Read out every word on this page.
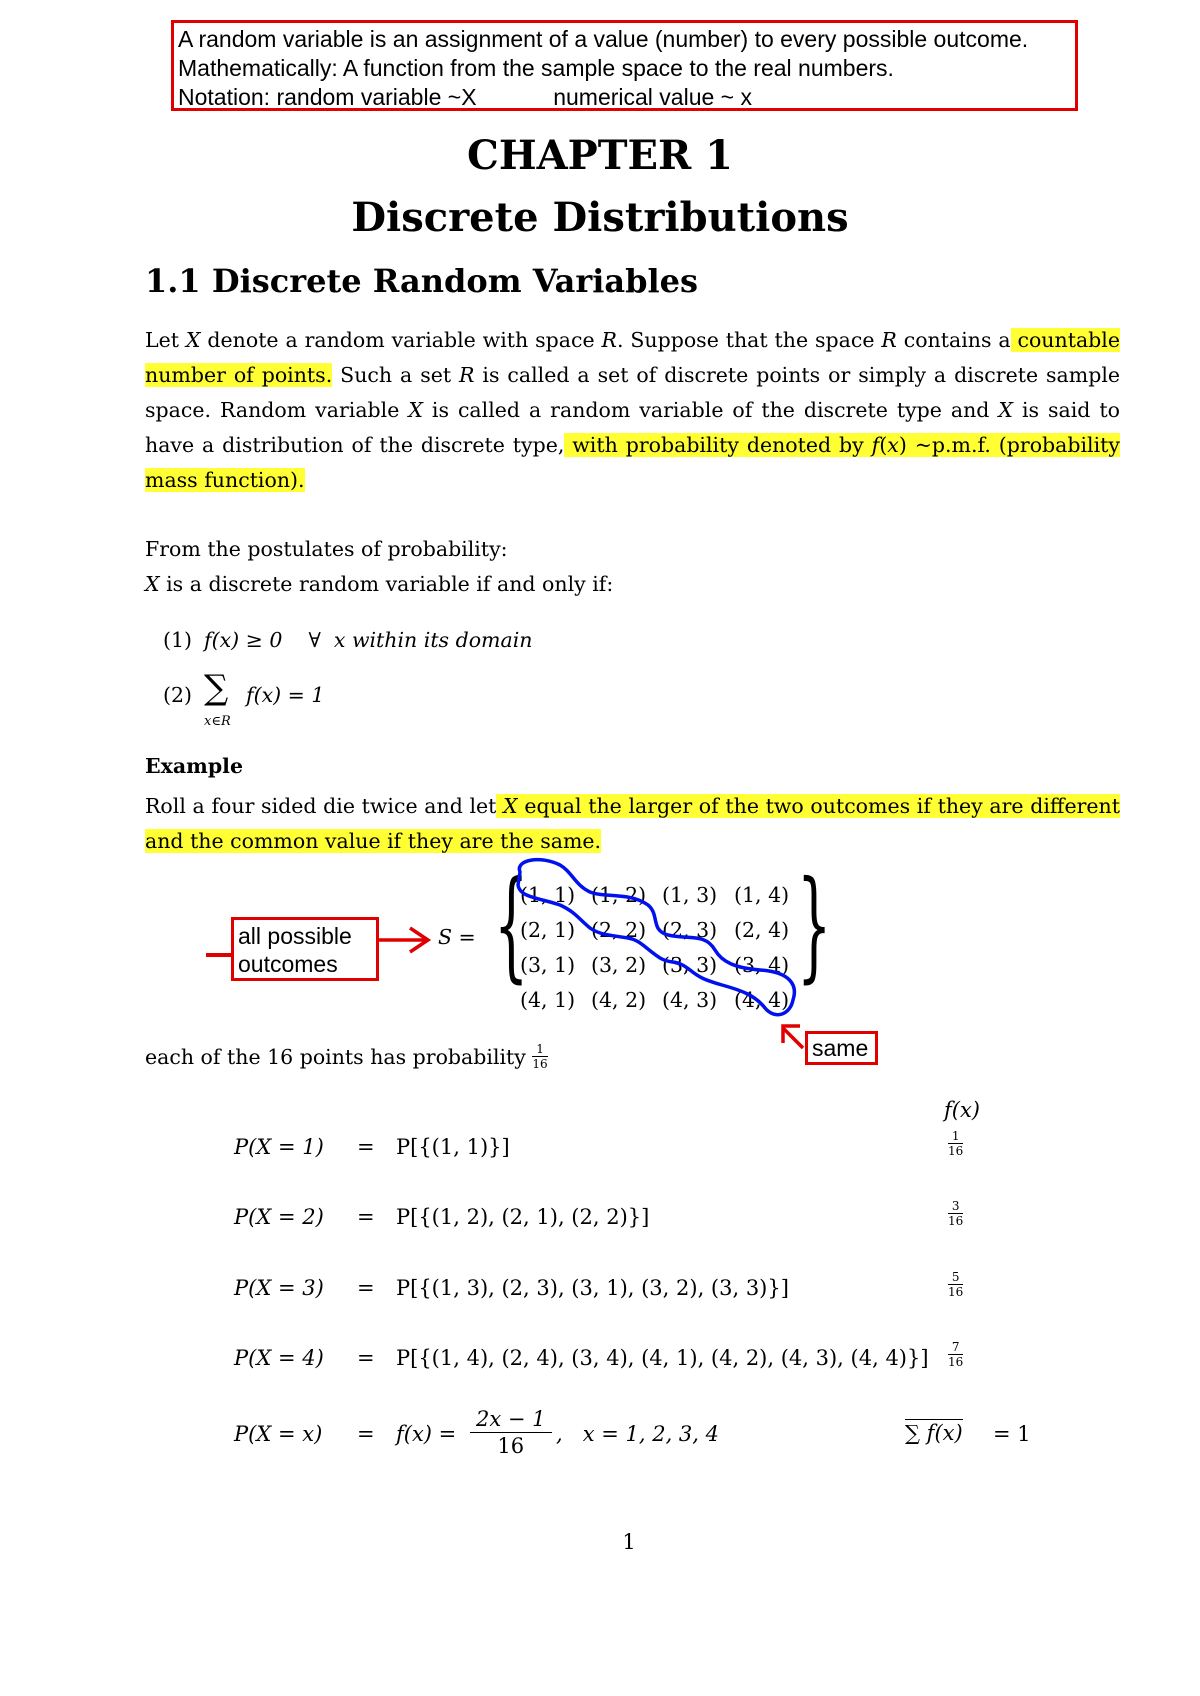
A random variable is an assignment of a value (number) to every possible outcome.
Mathematically: A function from the sample space to the real numbers.
Notation: random variable ~X            numerical value ~ x
CHAPTER 1
Discrete Distributions
1.1 Discrete Random Variables
Let X denote a random variable with space R. Suppose that the space R contains a countable number of points. Such a set R is called a set of discrete points or simply a discrete sample space. Random variable X is called a random variable of the discrete type and X is said to have a distribution of the discrete type, with probability denoted by f(x) ~p.m.f. (probability mass function).
From the postulates of probability:
X is a discrete random variable if and only if:
(1) f(x) ≥ 0    ∀  x within its domain
(2) ∑
x∈R
f(x) = 1
Example
Roll a four sided die twice and let X equal the larger of the two outcomes if they are different and the common value if they are the same.
S = { }
(1, 1) (1, 2) (1, 3) (1, 4)
(2, 1) (2, 2) (2, 3) (2, 4)
(3, 1) (3, 2) (3, 3) (3, 4)
(4, 1) (4, 2) (4, 3) (4, 4)
all possible
outcomes
same
each of the 16 points has probability $\frac{1}{16}$
f(x)
P(X = 1) = P[{(1, 1)}]	$\frac{1}{16}$
P(X = 2) = P[{(1, 2), (2, 1), (2, 2)}]	$\frac{3}{16}$
P(X = 3) = P[{(1, 3), (2, 3), (3, 1), (3, 2), (3, 3)}]	$\frac{5}{16}$
P(X = 4) = P[{(1, 4), (2, 4), (3, 4), (4, 1), (4, 2), (4, 3), (4, $4)\}] \frac{7}{16}$
$P(X = x) = f(x) = \frac{2x - 1}{16}$ ,   x = 1, 2, 3, 4	∑ f(x) = 1
1
